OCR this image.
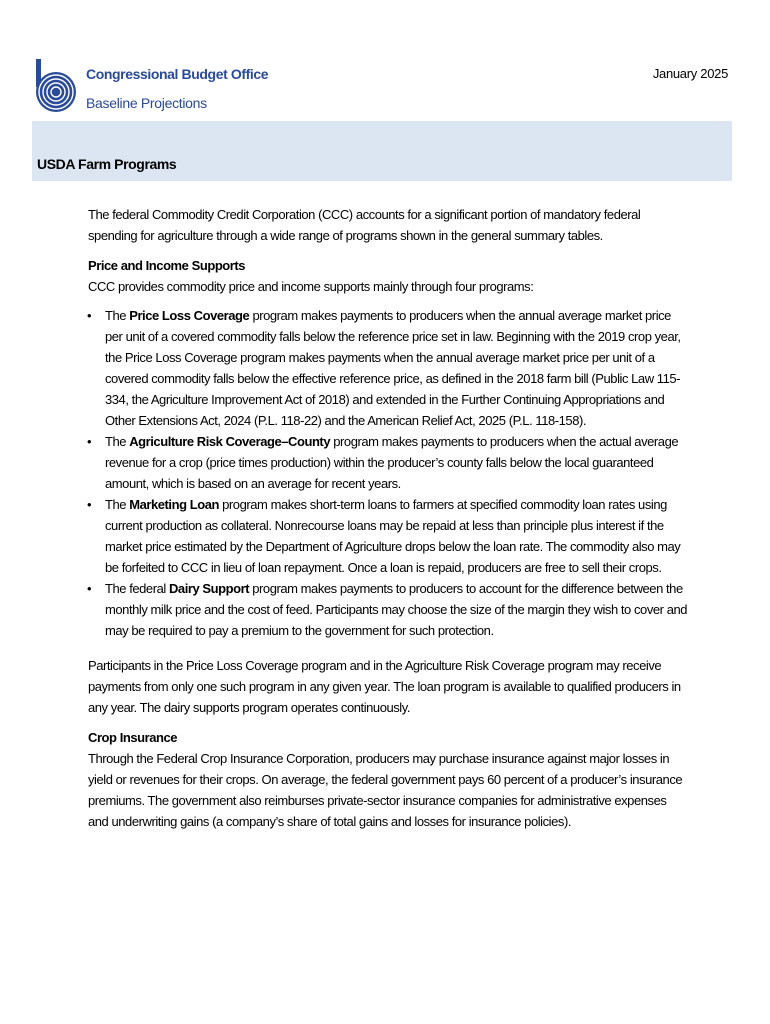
Congressional Budget Office
Baseline Projections
January 2025
USDA Farm Programs

The federal Commodity Credit Corporation (CCC) accounts for a significant portion of mandatory federal spending for agriculture through a wide range of programs shown in the general summary tables.

Price and Income Supports

CCC provides commodity price and income supports mainly through four programs:

• The Price Loss Coverage program makes payments to producers when the annual average market price per unit of a covered commodity falls below the reference price set in law. Beginning with the 2019 crop year, the Price Loss Coverage program makes payments when the annual average market price per unit of a covered commodity falls below the effective reference price, as defined in the 2018 farm bill (Public Law 115-334, the Agriculture Improvement Act of 2018) and extended in the Further Continuing Appropriations and Other Extensions Act, 2024 (P.L. 118-22) and the American Relief Act, 2025 (P.L. 118-158).
• The Agriculture Risk Coverage–County program makes payments to producers when the actual average revenue for a crop (price times production) within the producer’s county falls below the local guaranteed amount, which is based on an average for recent years.
• The Marketing Loan program makes short-term loans to farmers at specified commodity loan rates using current production as collateral. Nonrecourse loans may be repaid at less than principle plus interest if the market price estimated by the Department of Agriculture drops below the loan rate. The commodity also may be forfeited to CCC in lieu of loan repayment. Once a loan is repaid, producers are free to sell their crops.
• The federal Dairy Support program makes payments to producers to account for the difference between the monthly milk price and the cost of feed. Participants may choose the size of the margin they wish to cover and may be required to pay a premium to the government for such protection.

Participants in the Price Loss Coverage program and in the Agriculture Risk Coverage program may receive payments from only one such program in any given year. The loan program is available to qualified producers in any year. The dairy supports program operates continuously.

Crop Insurance

Through the Federal Crop Insurance Corporation, producers may purchase insurance against major losses in yield or revenues for their crops. On average, the federal government pays 60 percent of a producer’s insurance premiums. The government also reimburses private-sector insurance companies for administrative expenses and underwriting gains (a company’s share of total gains and losses for insurance policies).
